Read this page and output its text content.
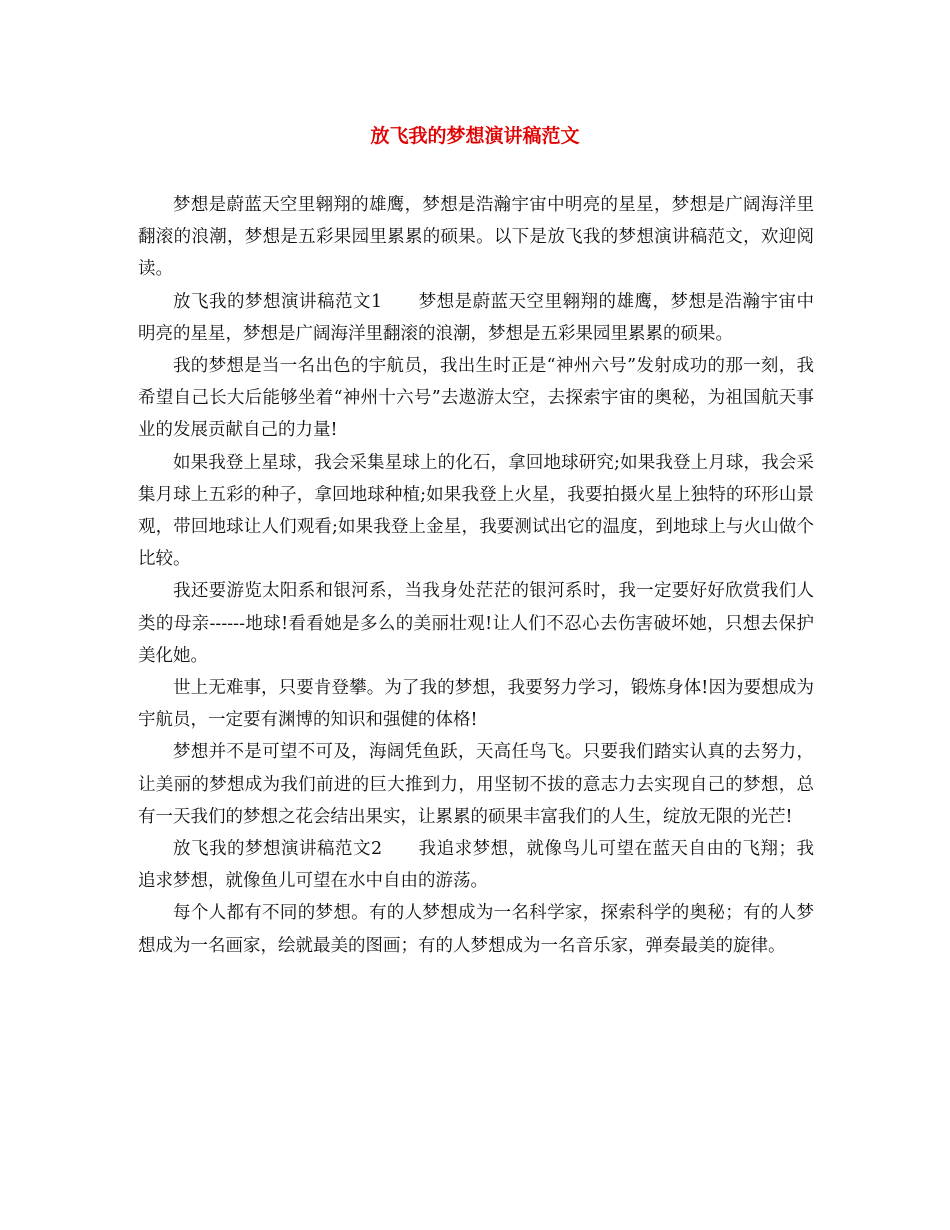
放飞我的梦想演讲稿范文

梦想是蔚蓝天空里翱翔的雄鹰，梦想是浩瀚宇宙中明亮的星星，梦想是广阔海洋里翻滚的浪潮，梦想是五彩果园里累累的硕果。以下是放飞我的梦想演讲稿范文，欢迎阅读。

放飞我的梦想演讲稿范文1　　梦想是蔚蓝天空里翱翔的雄鹰，梦想是浩瀚宇宙中明亮的星星，梦想是广阔海洋里翻滚的浪潮，梦想是五彩果园里累累的硕果。

我的梦想是当一名出色的宇航员，我出生时正是“神州六号”发射成功的那一刻，我希望自己长大后能够坐着“神州十六号”去遨游太空，去探索宇宙的奥秘，为祖国航天事业的发展贡献自己的力量!

如果我登上星球，我会采集星球上的化石，拿回地球研究;如果我登上月球，我会采集月球上五彩的种子，拿回地球种植;如果我登上火星，我要拍摄火星上独特的环形山景观，带回地球让人们观看;如果我登上金星，我要测试出它的温度，到地球上与火山做个比较。

我还要游览太阳系和银河系，当我身处茫茫的银河系时，我一定要好好欣赏我们人类的母亲------地球!看看她是多么的美丽壮观!让人们不忍心去伤害破坏她，只想去保护美化她。

世上无难事，只要肯登攀。为了我的梦想，我要努力学习，锻炼身体!因为要想成为宇航员，一定要有渊博的知识和强健的体格!

梦想并不是可望不可及，海阔凭鱼跃，天高任鸟飞。只要我们踏实认真的去努力，让美丽的梦想成为我们前进的巨大推到力，用坚韧不拔的意志力去实现自己的梦想，总有一天我们的梦想之花会结出果实，让累累的硕果丰富我们的人生，绽放无限的光芒!

放飞我的梦想演讲稿范文2　　我追求梦想，就像鸟儿可望在蓝天自由的飞翔；我追求梦想，就像鱼儿可望在水中自由的游荡。

每个人都有不同的梦想。有的人梦想成为一名科学家，探索科学的奥秘；有的人梦想成为一名画家，绘就最美的图画；有的人梦想成为一名音乐家，弹奏最美的旋律。
